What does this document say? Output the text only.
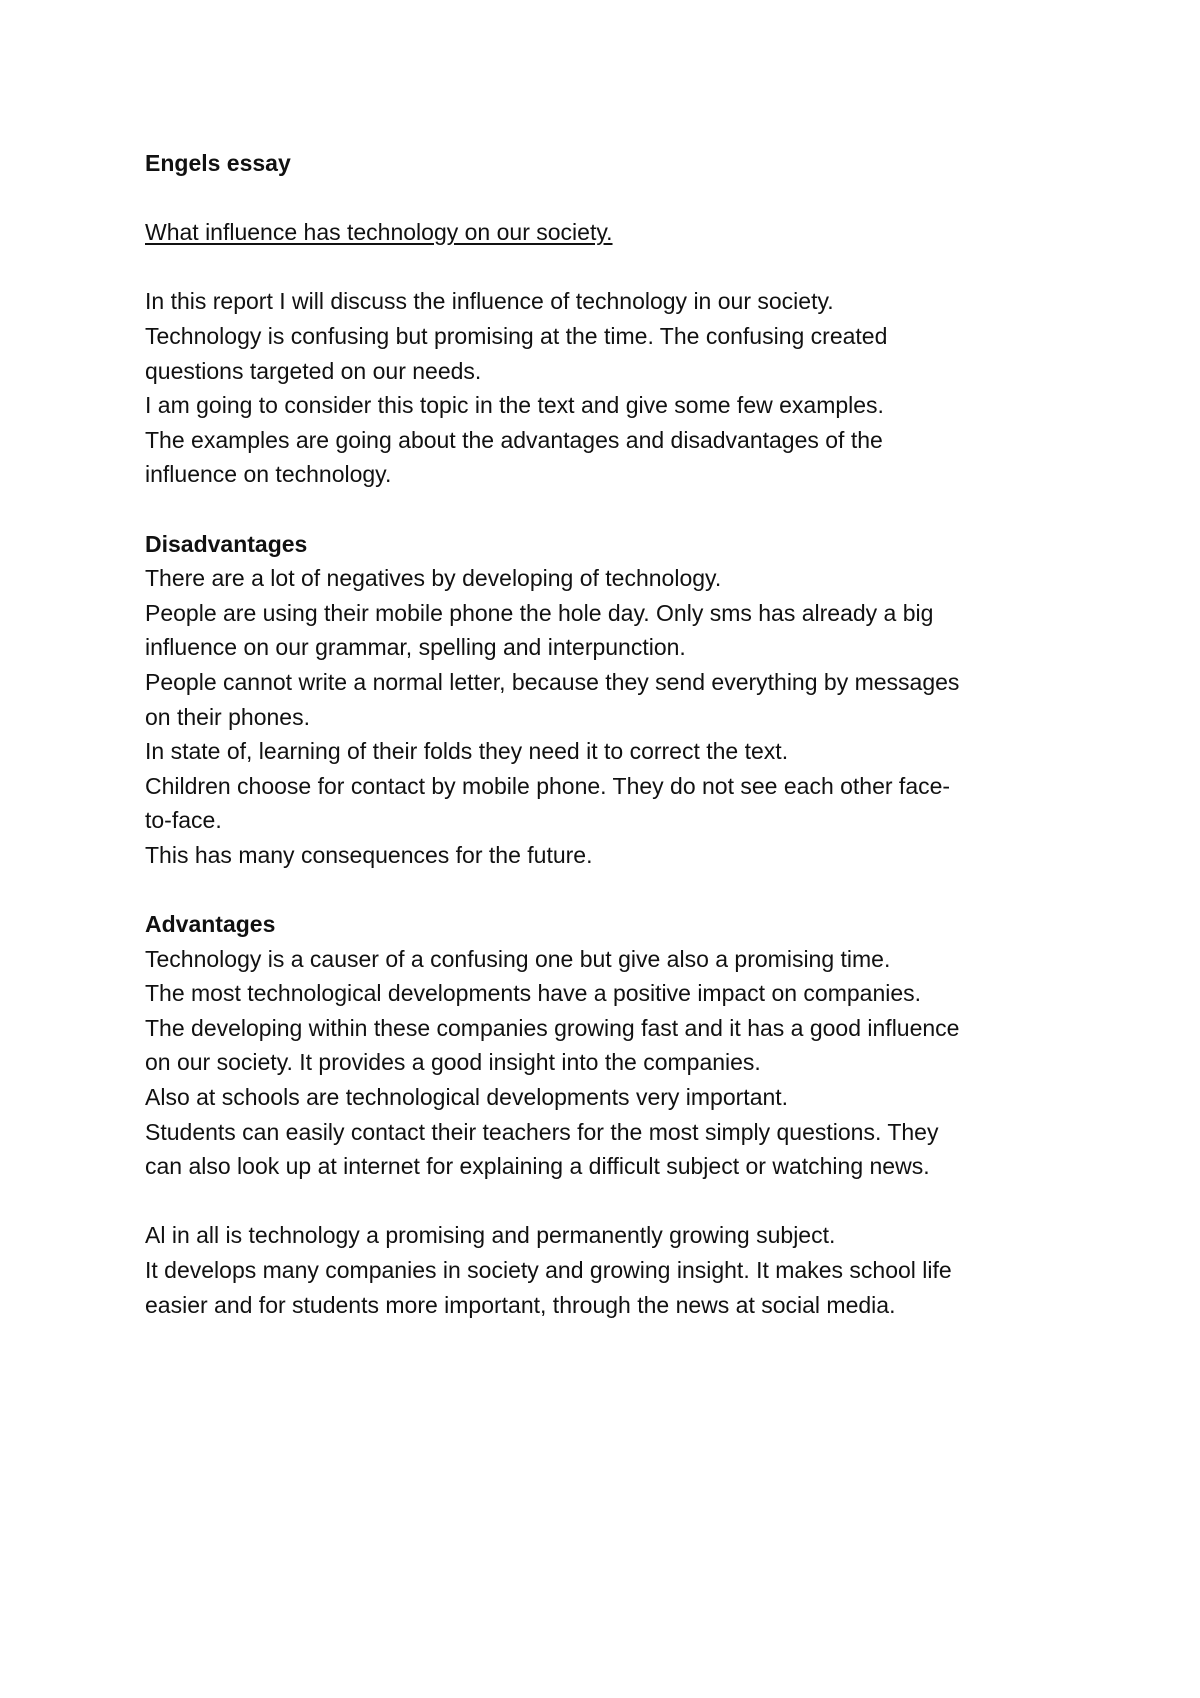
Engels essay
What influence has technology on our society.
In this report I will discuss the influence of technology in our society.
Technology is confusing but promising at the time. The confusing created
questions targeted on our needs.
I am going to consider this topic in the text and give some few examples.
The examples are going about the advantages and disadvantages of the
influence on technology.
Disadvantages
There are a lot of negatives by developing of technology.
People are using their mobile phone the hole day. Only sms has already a big
influence on our grammar, spelling and interpunction.
People cannot write a normal letter, because they send everything by messages
on their phones.
In state of, learning of their folds they need it to correct the text.
Children choose for contact by mobile phone. They do not see each other face-
to-face.
This has many consequences for the future.
Advantages
Technology is a causer of a confusing one but give also a promising time.
The most technological developments have a positive impact on companies.
The developing within these companies growing fast and it has a good influence
on our society. It provides a good insight into the companies.
Also at schools are technological developments very important.
Students can easily contact their teachers for the most simply questions. They
can also look up at internet for explaining a difficult subject or watching news.
Al in all is technology a promising and permanently growing subject.
It develops many companies in society and growing insight. It makes school life
easier and for students more important, through the news at social media.
